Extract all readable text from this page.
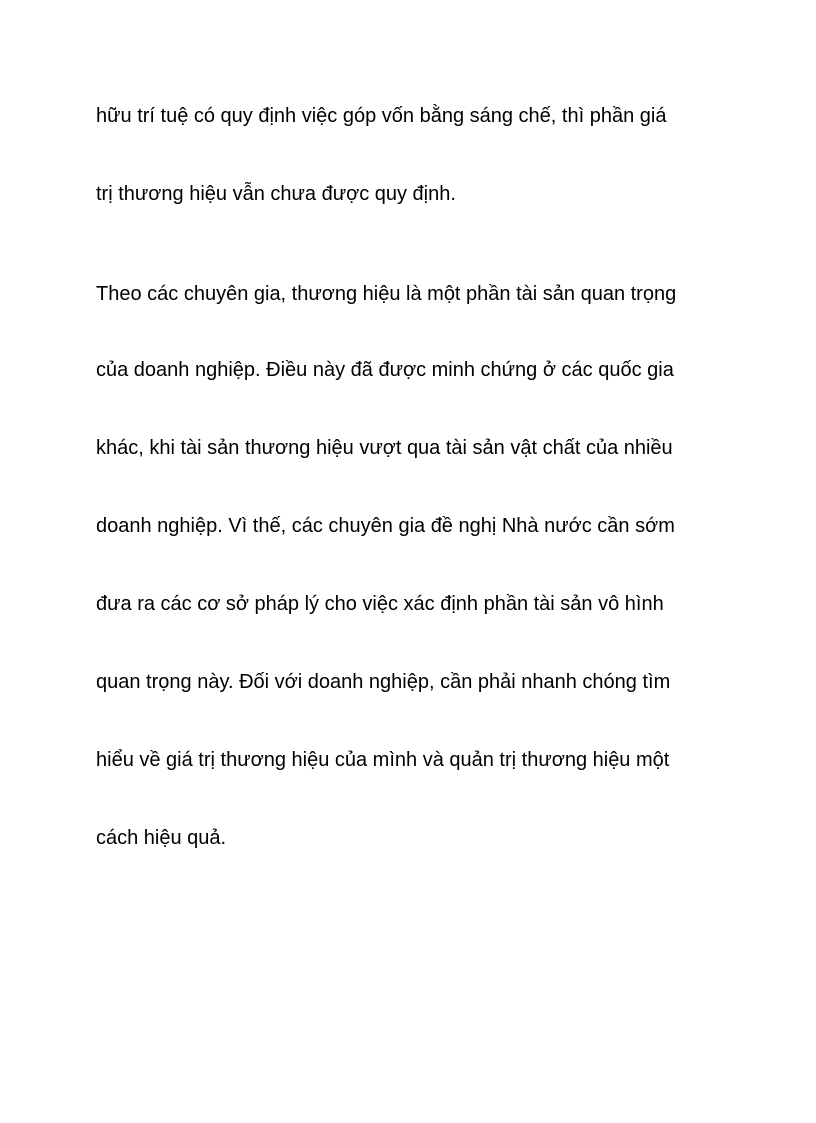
hữu trí tuệ có quy định việc góp vốn bằng sáng chế, thì phần giá

trị thương hiệu vẫn chưa được quy định.

Theo các chuyên gia, thương hiệu là một phần tài sản quan trọng

của doanh nghiệp. Điều này đã được minh chứng ở các quốc gia

khác, khi tài sản thương hiệu vượt qua tài sản vật chất của nhiều

doanh nghiệp. Vì thế, các chuyên gia đề nghị Nhà nước cần sớm

đưa ra các cơ sở pháp lý cho việc xác định phần tài sản vô hình

quan trọng này. Đối với doanh nghiệp, cần phải nhanh chóng tìm

hiểu về giá trị thương hiệu của mình và quản trị thương hiệu một

cách hiệu quả.
